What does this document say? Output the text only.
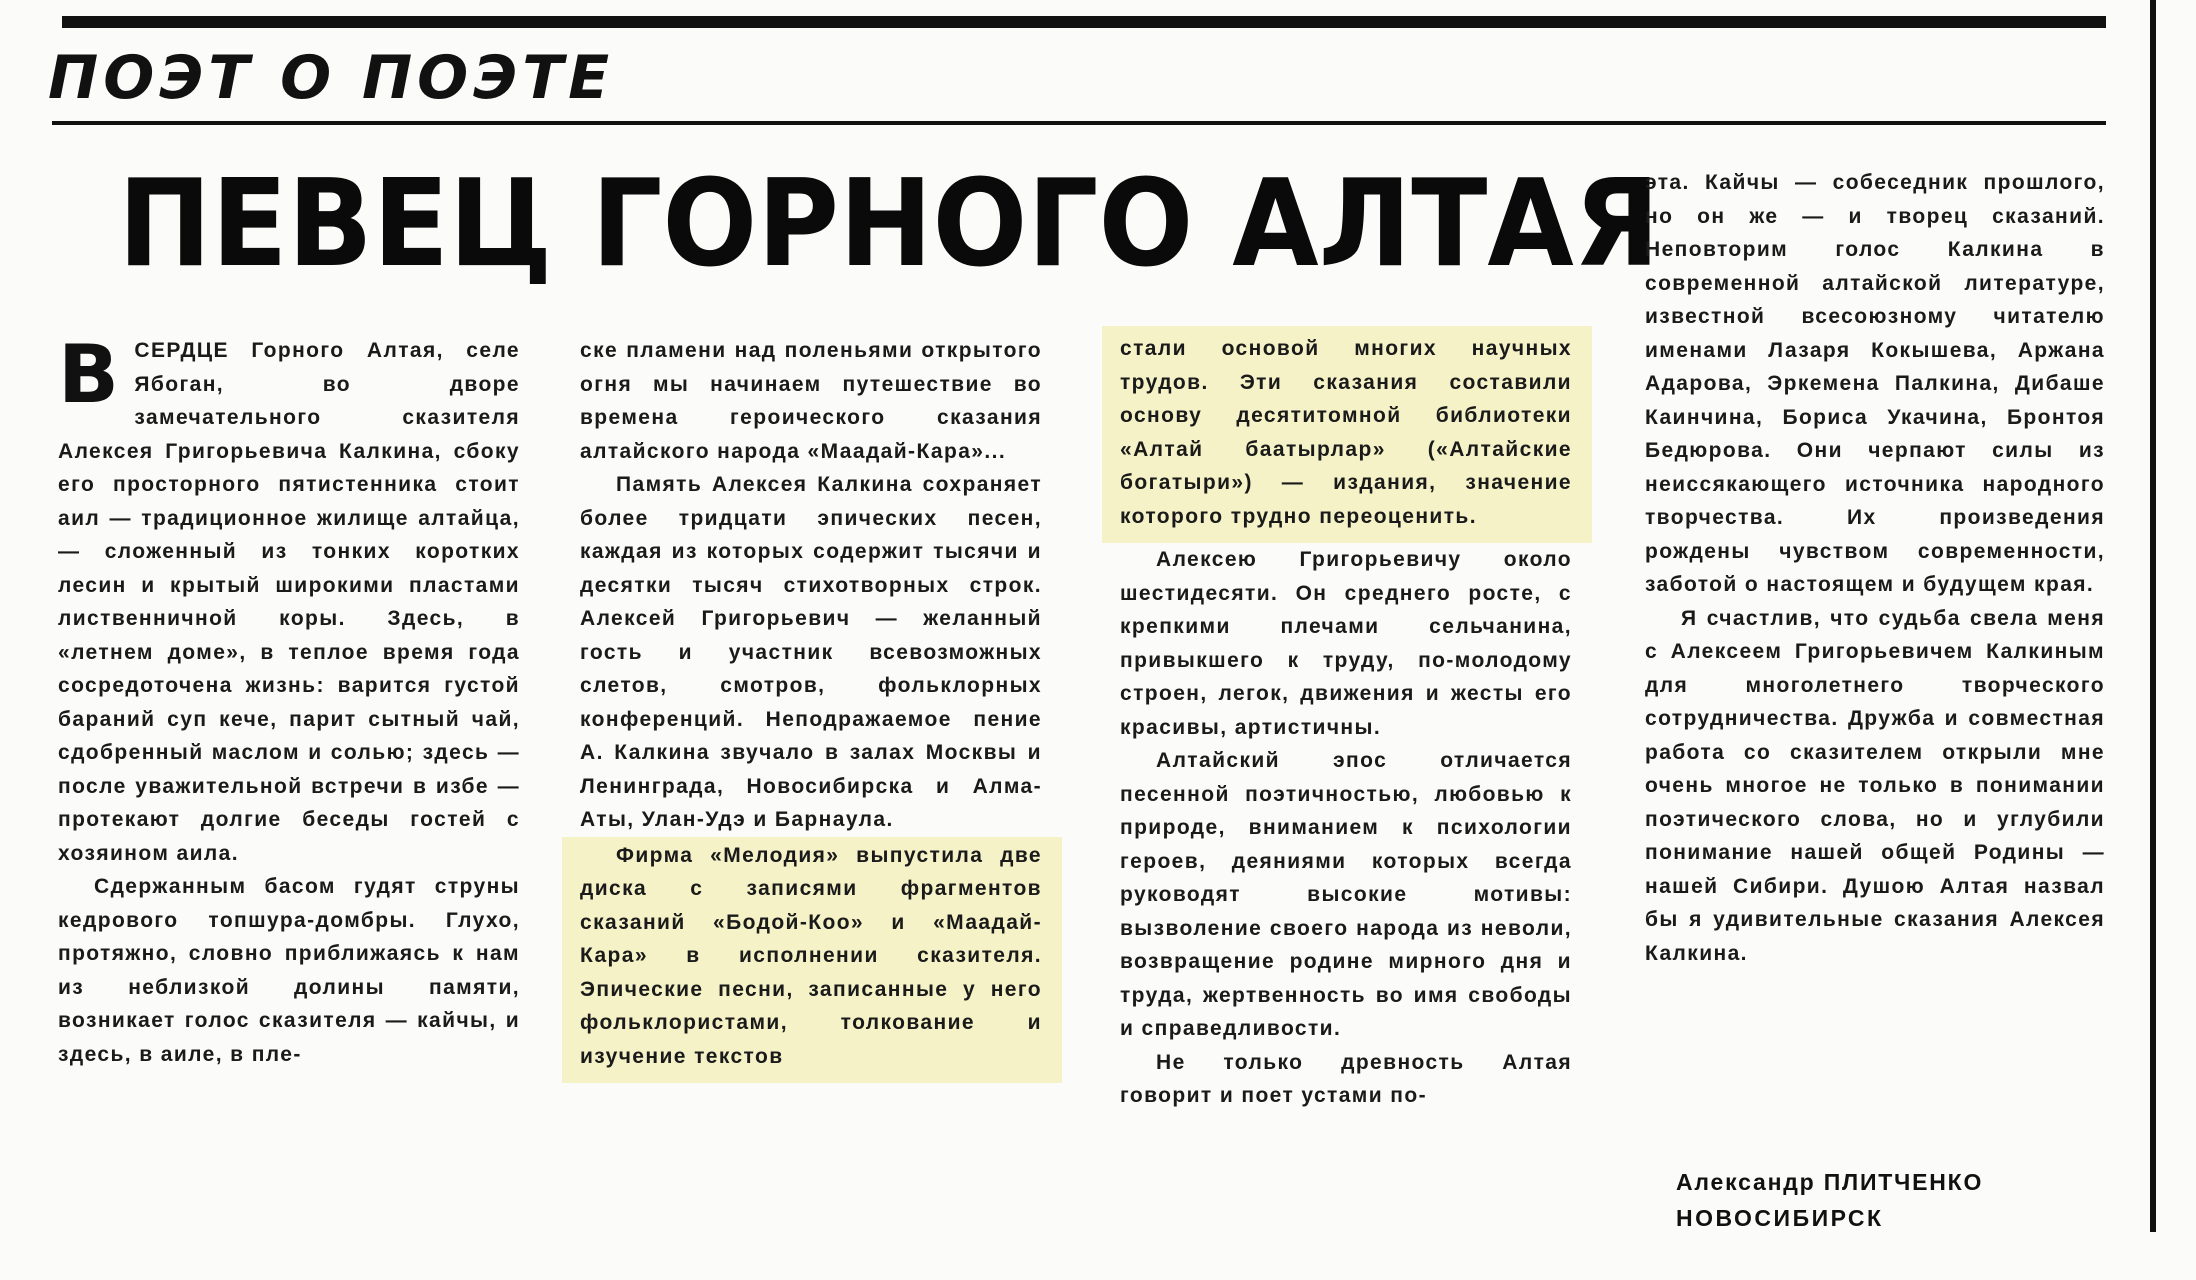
ПОЭТ О ПОЭТЕ
ПЕВЕЦ ГОРНОГО АЛТАЯ

В СЕРДЦЕ Горного Алтая, селе Ябоган, во дворе замечательного сказителя Алексея Григорьевича Калкина, сбоку его просторного пятистенника стоит аил — традиционное жилище алтайца, — сложенный из тонких коротких лесин и крытый широкими пластами лиственничной коры. Здесь, в «летнем доме», в теплое время года сосредоточена жизнь: варится густой бараний суп кече, парит сытный чай, сдобренный маслом и солью; здесь — после уважительной встречи в избе — протекают долгие беседы гостей с хозяином аила.

Сдержанным басом гудят струны кедрового топшура-домбры. Глухо, протяжно, словно приближаясь к нам из неблизкой долины памяти, возникает голос сказителя — кайчы, и здесь, в аиле, в пле-

ске пламени над поленьями открытого огня мы начинаем путешествие во времена героического сказания алтайского народа «Маадай-Кара»...

Память Алексея Калкина сохраняет более тридцати эпических песен, каждая из которых содержит тысячи и десятки тысяч стихотворных строк. Алексей Григорьевич — желанный гость и участник всевозможных слетов, смотров, фольклорных конференций. Неподражаемое пение А. Калкина звучало в залах Москвы и Ленинграда, Новосибирска и Алма-Аты, Улан-Удэ и Барнаула.

Фирма «Мелодия» выпустила две диска с записями фрагментов сказаний «Бодой-Коо» и «Маадай-Кара» в исполнении сказителя. Эпические песни, записанные у него фольклористами, толкование и изучение текстов

стали основой многих научных трудов. Эти сказания составили основу десятитомной библиотеки «Алтай баатырлар» («Алтайские богатыри») — издания, значение которого трудно переоценить.

Алексею Григорьевичу около шестидесяти. Он среднего росте, с крепкими плечами сельчанина, привыкшего к труду, по-молодому строен, легок, движения и жесты его красивы, артистичны.

Алтайский эпос отличается песенной поэтичностью, любовью к природе, вниманием к психологии героев, деяниями которых всегда руководят высокие мотивы: вызволение своего народа из неволи, возвращение родине мирного дня и труда, жертвенность во имя свободы и справедливости.

Не только древность Алтая говорит и поет устами по-

эта. Кайчы — собеседник прошлого, но он же — и творец сказаний. Неповторим голос Калкина в современной алтайской литературе, известной всесоюзному читателю именами Лазаря Кокышева, Аржана Адарова, Эркемена Палкина, Дибаше Каинчина, Бориса Укачина, Бронтоя Бедюрова. Они черпают силы из неиссякающего источника народного творчества. Их произведения рождены чувством современности, заботой о настоящем и будущем края.

Я счастлив, что судьба свела меня с Алексеем Григорьевичем Калкиным для многолетнего творческого сотрудничества. Дружба и совместная работа со сказителем открыли мне очень многое не только в понимании поэтического слова, но и углубили понимание нашей общей Родины — нашей Сибири. Душою Алтая назвал бы я удивительные сказания Алексея Калкина.

Александр ПЛИТЧЕНКО
НОВОСИБИРСК
